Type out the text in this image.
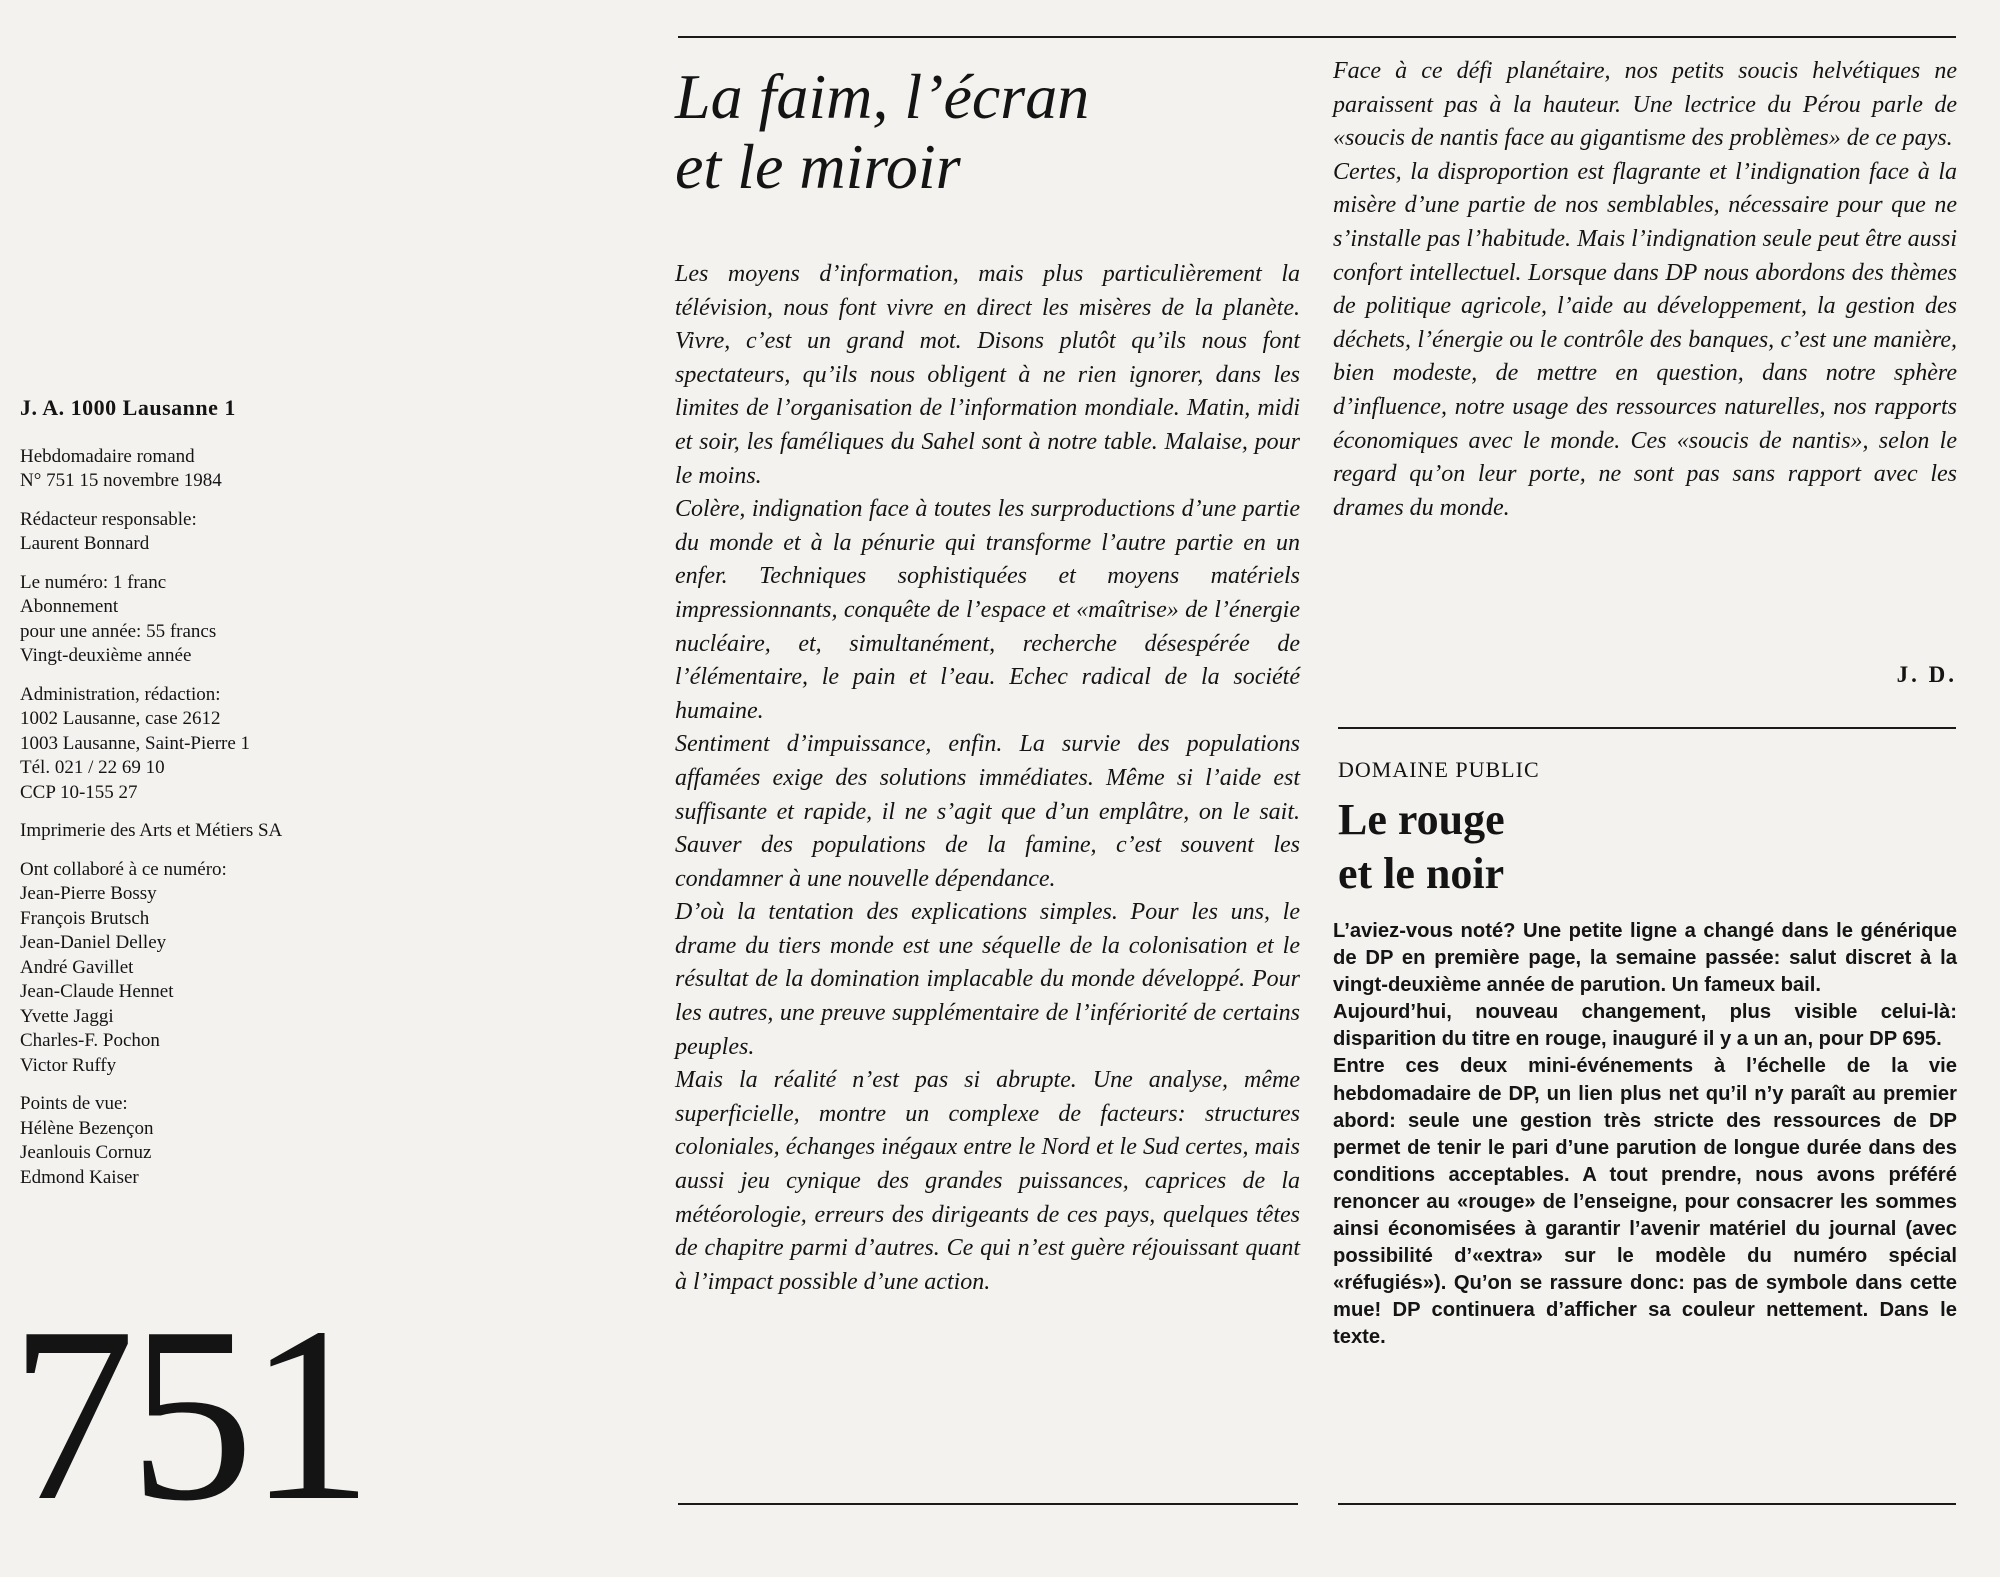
J. A. 1000 Lausanne 1
Hebdomadaire romand
N° 751 15 novembre 1984
Rédacteur responsable:
Laurent Bonnard
Le numéro: 1 franc
Abonnement
pour une année: 55 francs
Vingt-deuxième année
Administration, rédaction:
1002 Lausanne, case 2612
1003 Lausanne, Saint-Pierre 1
Tél. 021 / 22 69 10
CCP 10-155 27
Imprimerie des Arts et Métiers SA
Ont collaboré à ce numéro:
Jean-Pierre Bossy
François Brutsch
Jean-Daniel Delley
André Gavillet
Jean-Claude Hennet
Yvette Jaggi
Charles-F. Pochon
Victor Ruffy
Points de vue:
Hélène Bezençon
Jeanlouis Cornuz
Edmond Kaiser
751
La faim, l’écran
et le miroir

Les moyens d’information, mais plus particulièrement la télévision, nous font vivre en direct les misères de la planète. Vivre, c’est un grand mot. Disons plutôt qu’ils nous font spectateurs, qu’ils nous obligent à ne rien ignorer, dans les limites de l’organisation de l’information mondiale. Matin, midi et soir, les faméliques du Sahel sont à notre table. Malaise, pour le moins.

Colère, indignation face à toutes les surproductions d’une partie du monde et à la pénurie qui transforme l’autre partie en un enfer. Techniques sophistiquées et moyens matériels impressionnants, conquête de l’espace et «maîtrise» de l’énergie nucléaire, et, simultanément, recherche désespérée de l’élémentaire, le pain et l’eau. Echec radical de la société humaine.

Sentiment d’impuissance, enfin. La survie des populations affamées exige des solutions immédiates. Même si l’aide est suffisante et rapide, il ne s’agit que d’un emplâtre, on le sait. Sauver des populations de la famine, c’est souvent les condamner à une nouvelle dépendance.

D’où la tentation des explications simples. Pour les uns, le drame du tiers monde est une séquelle de la colonisation et le résultat de la domination implacable du monde développé. Pour les autres, une preuve supplémentaire de l’infériorité de certains peuples.

Mais la réalité n’est pas si abrupte. Une analyse, même superficielle, montre un complexe de facteurs: structures coloniales, échanges inégaux entre le Nord et le Sud certes, mais aussi jeu cynique des grandes puissances, caprices de la météorologie, erreurs des dirigeants de ces pays, quelques têtes de chapitre parmi d’autres. Ce qui n’est guère réjouissant quant à l’impact possible d’une action.

Face à ce défi planétaire, nos petits soucis helvétiques ne paraissent pas à la hauteur. Une lectrice du Pérou parle de «soucis de nantis face au gigantisme des problèmes» de ce pays.

Certes, la disproportion est flagrante et l’indignation face à la misère d’une partie de nos semblables, nécessaire pour que ne s’installe pas l’habitude. Mais l’indignation seule peut être aussi confort intellectuel. Lorsque dans DP nous abordons des thèmes de politique agricole, l’aide au développement, la gestion des déchets, l’énergie ou le contrôle des banques, c’est une manière, bien modeste, de mettre en question, dans notre sphère d’influence, notre usage des ressources naturelles, nos rapports économiques avec le monde. Ces «soucis de nantis», selon le regard qu’on leur porte, ne sont pas sans rapport avec les drames du monde.

J. D.
DOMAINE PUBLIC
Le rouge
et le noir

L’aviez-vous noté? Une petite ligne a changé dans le générique de DP en première page, la semaine passée: salut discret à la vingt-deuxième année de parution. Un fameux bail.

Aujourd’hui, nouveau changement, plus visible celui-là: disparition du titre en rouge, inauguré il y a un an, pour DP 695.

Entre ces deux mini-événements à l’échelle de la vie hebdomadaire de DP, un lien plus net qu’il n’y paraît au premier abord: seule une gestion très stricte des ressources de DP permet de tenir le pari d’une parution de longue durée dans des conditions acceptables. A tout prendre, nous avons préféré renoncer au «rouge» de l’enseigne, pour consacrer les sommes ainsi économisées à garantir l’avenir matériel du journal (avec possibilité d’«extra» sur le modèle du numéro spécial «réfugiés»). Qu’on se rassure donc: pas de symbole dans cette mue! DP continuera d’afficher sa couleur nettement. Dans le texte.
